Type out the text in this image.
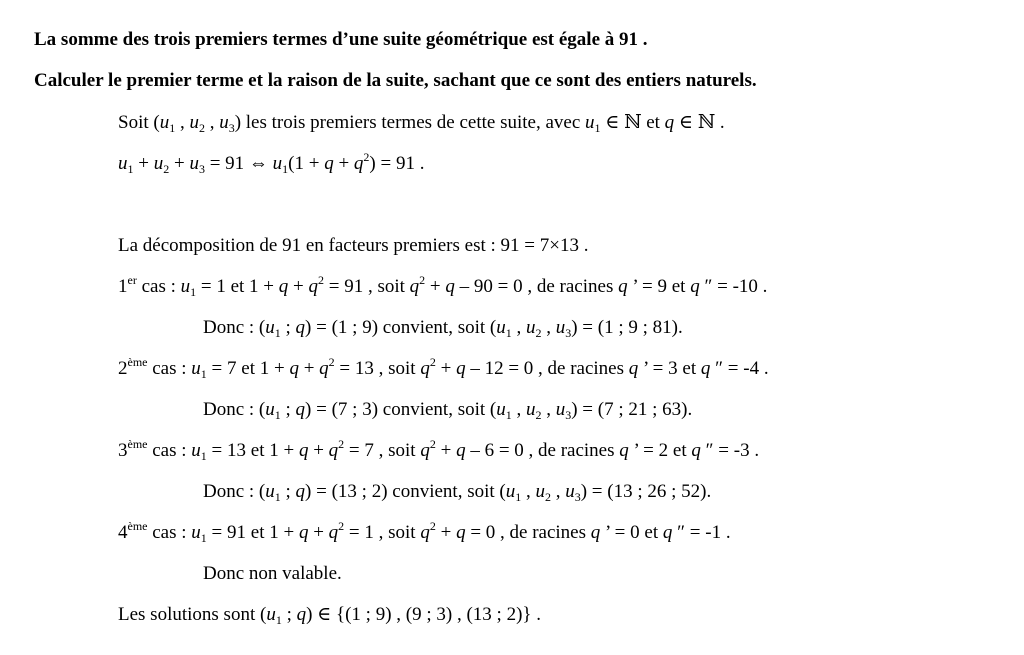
La somme des trois premiers termes d’une suite géométrique est égale à 91 .
Calculer le premier terme et la raison de la suite, sachant que ce sont des entiers naturels.
Soit ($u_1$ , $u_2$ , $u_3$) les trois premiers termes de cette suite, avec $u_1$ ∈ ℕ et q ∈ ℕ .
$u_1 + u_2 + u_3 = 91$ ⇔ $u_1(1 + q + q^2) = 91$ .
La décomposition de 91 en facteurs premiers est : 91 = 7×13 .
1er cas : $u_1 = 1$ et $1 + q + q^2 = 91$ , soit $q^2 + q - 90 = 0$ , de racines q ’ = 9 et q ″ = -10 .
Donc : ($u_1$ ; q) = (1 ; 9) convient, soit ($u_1$ , $u_2$ , $u_3) = (1$ ; 9 ; 81).
2ème cas : $u_1 = 7$ et $1 + q + q^2 = 13$ , soit $q^2 + q - 12 = 0$ , de racines q ’ = 3 et q ″ = -4 .
Donc : ($u_1$ ; q) = (7 ; 3) convient, soit ($u_1$ , $u_2$ , $u_3) = (7$ ; 21 ; 63).
3ème cas : $u_1 = 13$ et $1 + q + q^2 = 7$ , soit $q^2 + q - 6 = 0$ , de racines q ’ = 2 et q ″ = -3 .
Donc : ($u_1$ ; q) = (13 ; 2) convient, soit ($u_1$ , $u_2$ , $u_3) = (13$ ; 26 ; 52).
4ème cas : $u_1 = 91$ et $1 + q + q^2 = 1$ , soit $q^2 + q = 0$ , de racines q ’ = 0 et q ″ = -1 .
Donc non valable.
Les solutions sont ($u_1$ ; q) ∈ {(1 ; 9) , (9 ; 3) , (13 ; 2)} .
